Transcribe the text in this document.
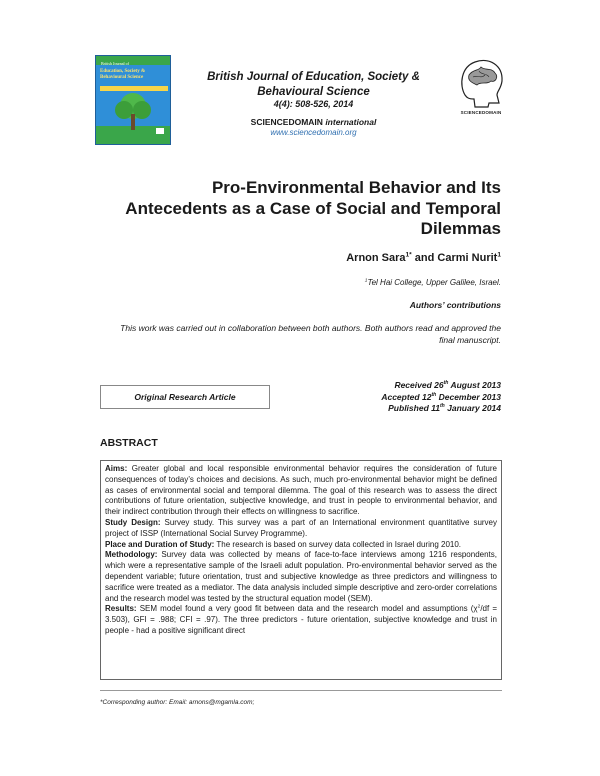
British Journal of
Education, Society &
Behavioural Science	British Journal of Education, Society &
Behavioural Science
4(4): 508-526, 2014
SCIENCEDOMAIN international
www.sciencedomain.org
SCIENCEDOMAIN
Pro-Environmental Behavior and Its
Antecedents as a Case of Social and Temporal
Dilemmas
Arnon Sara$^{1*}$ and Carmi Nurit$^1$
$^1$Tel Hai College, Upper Galilee, Israel.
Authors’ contributions
This work was carried out in collaboration between both authors. Both authors read and approved the final manuscript.
Original Research Article
Received 26th August 2013
Accepted 12th December 2013
Published 11th January 2014
ABSTRACT

Aims: Greater global and local responsible environmental behavior requires the consideration of future consequences of today’s choices and decisions. As such, much pro-environmental behavior might be defined as cases of environmental social and temporal dilemma. The goal of this research was to assess the direct contributions of future orientation, subjective knowledge, and trust in people to environmental behavior, and their indirect contribution through their effects on willingness to sacrifice.

Study Design: Survey study. This survey was a part of an International environment quantitative survey project of ISSP (International Social Survey Programme).

Place and Duration of Study: The research is based on survey data collected in Israel during 2010.

Methodology: Survey data was collected by means of face-to-face interviews among 1216 respondents, which were a representative sample of the Israeli adult population. Pro-environmental behavior served as the dependent variable; future orientation, trust and subjective knowledge as three predictors and willingness to sacrifice were treated as a mediator. The data analysis included simple descriptive and zero-order correlations and the research model was tested by the structural equation model (SEM).

Results: SEM model found a very good fit between data and the research model and assumptions $(\chi^2/df = 3.503)$, GFI = .988; CFI = .97). The three predictors - future orientation, subjective knowledge and trust in people - had a positive significant direct

*Corresponding author: Email: arnons@mgamla.com;
